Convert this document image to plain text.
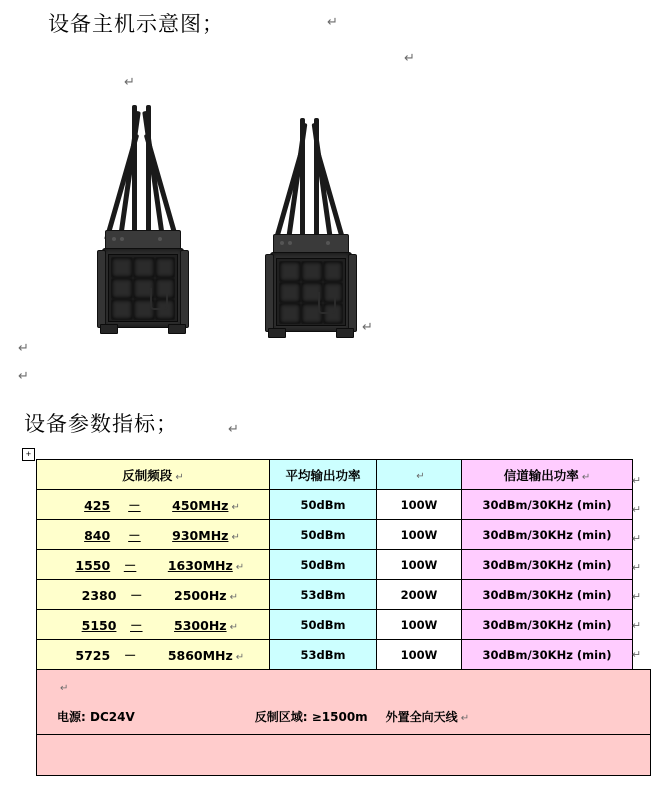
设备主机示意图；
设备参数指标；
↵
↵
↵
↵
↵
↵
↵
+
反制频段 ↵	平均输出功率	↵	信道输出功率 ↵
425 － 450MHz ↵	50dBm	100W	30dBm/30KHz (min)
840 － 930MHz ↵	50dBm	100W	30dBm/30KHz (min)
1550 － 1630MHz ↵	50dBm	100W	30dBm/30KHz (min)
2380 － 2500Hz ↵	53dBm	200W	30dBm/30KHz (min)
5150 － 5300Hz ↵	50dBm	100W	30dBm/30KHz (min)
5725 － 5860MHz ↵	53dBm	100W	30dBm/30KHz (min)
↵
电源: DC24V	反制区域: ≥1500m 外置全向天线 ↵

↵
↵
↵
↵
↵
↵
↵
